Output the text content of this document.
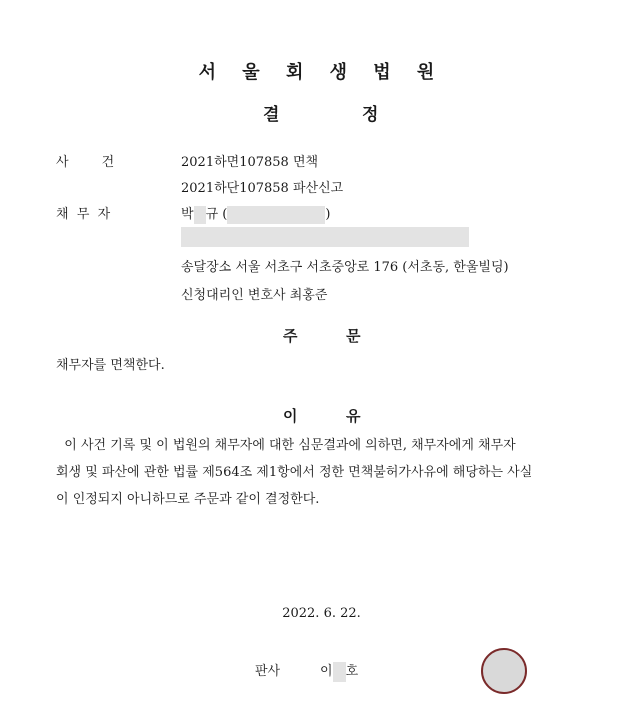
서 울 회 생 법 원
결	정
사        건	2021하면107858 면책
2021하단107858 파산신고
채  무  자	박 규 (	)
송달장소 서울 서초구 서초중앙로 176 (서초동, 한울빌딩)
신청대리인 변호사 최홍준
주	문
채무자를 면책한다.
이	유
이 사건 기록 및 이 법원의 채무자에 대한 심문결과에 의하면, 채무자에게 채무자
회생 및 파산에 관한 법률 제564조 제1항에서 정한 면책불허가사유에 해당하는 사실
이 인정되지 아니하므로 주문과 같이 결정한다.
2022. 6. 22.
판사	이 호
